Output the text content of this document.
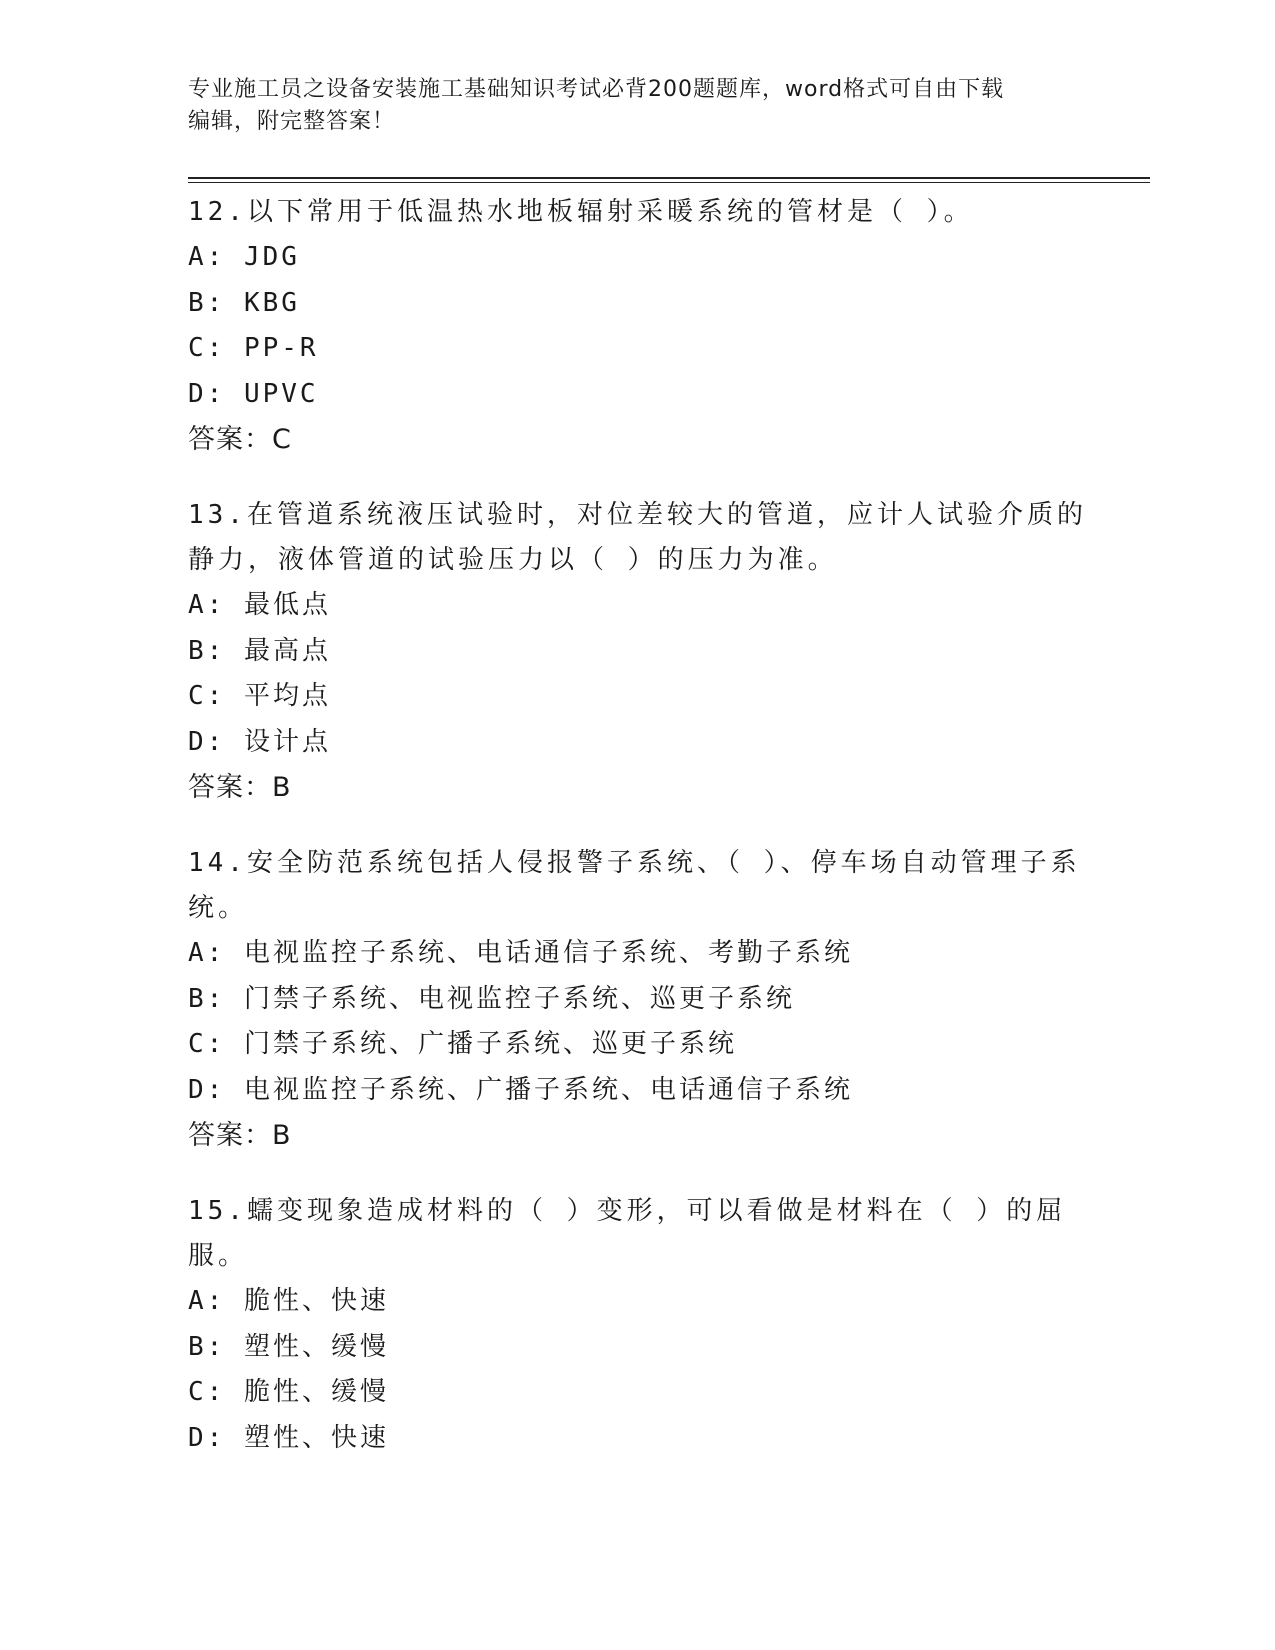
专业施工员之设备安装施工基础知识考试必背200题题库，word格式可自由下载
编辑，附完整答案！

12.以下常用于低温热水地板辐射采暖系统的管材是（ ）。

A: JDG

B: KBG

C: PP-R

D: UPVC

答案：C

13.在管道系统液压试验时，对位差较大的管道，应计人试验介质的静力，液体管道的试验压力以（ ）的压力为准。

A: 最低点

B: 最高点

C: 平均点

D: 设计点

答案：B

14.安全防范系统包括人侵报警子系统、（ ）、停车场自动管理子系统。

A: 电视监控子系统、电话通信子系统、考勤子系统

B: 门禁子系统、电视监控子系统、巡更子系统

C: 门禁子系统、广播子系统、巡更子系统

D: 电视监控子系统、广播子系统、电话通信子系统

答案：B

15.蠕变现象造成材料的（ ）变形，可以看做是材料在（ ）的屈服。

A: 脆性、快速

B: 塑性、缓慢

C: 脆性、缓慢

D: 塑性、快速
